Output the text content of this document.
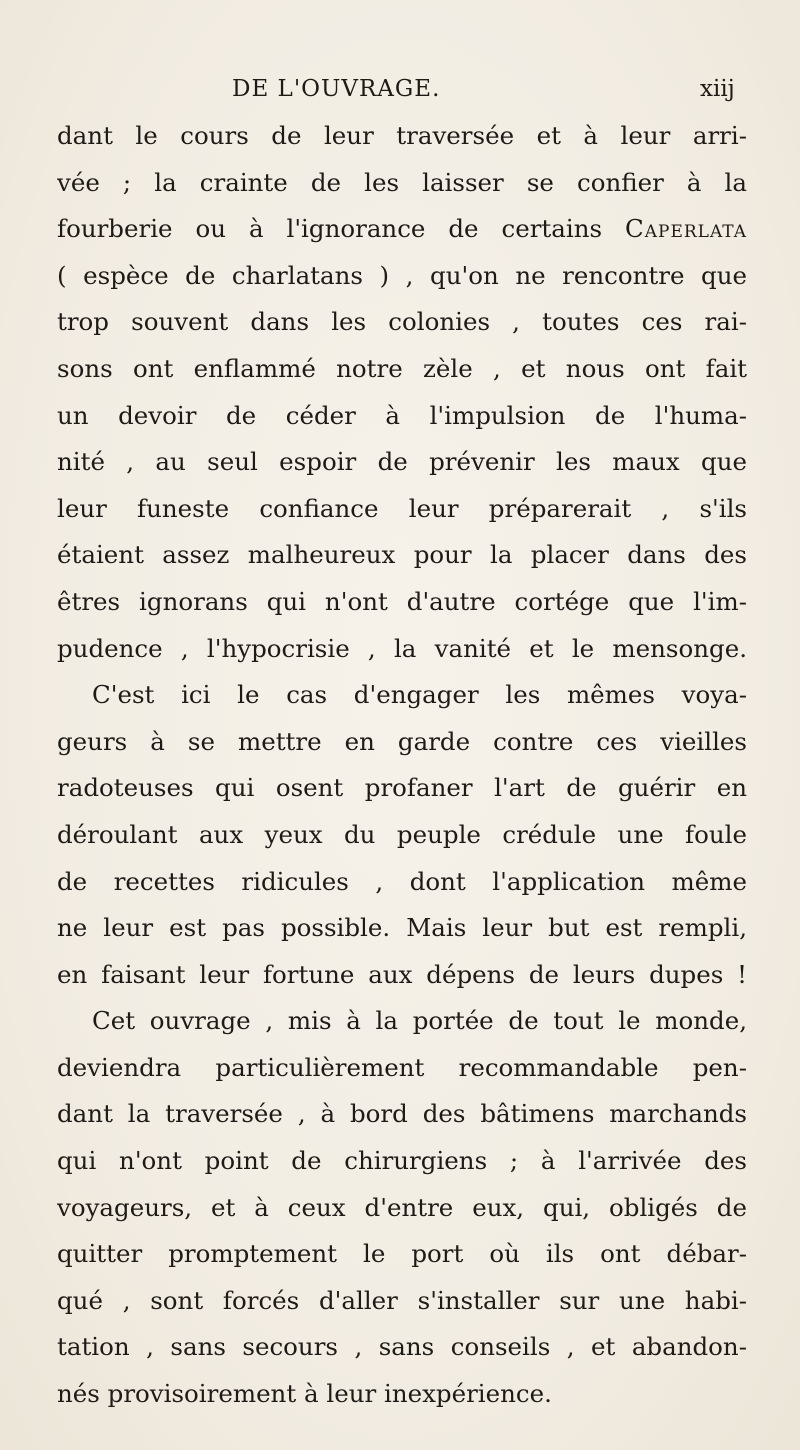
DE L'OUVRAGE.	xiij
dant le cours de leur traversée et à leur arri-
vée ; la crainte de les laisser se confier à la
fourberie ou à l'ignorance de certains Caperlata
( espèce de charlatans ) , qu'on ne rencontre que
trop souvent dans les colonies , toutes ces rai-
sons ont enflammé notre zèle , et nous ont fait
un devoir de céder à l'impulsion de l'huma-
nité , au seul espoir de prévenir les maux que
leur funeste confiance leur préparerait , s'ils
étaient assez malheureux pour la placer dans des
êtres ignorans qui n'ont d'autre cortége que l'im-
pudence , l'hypocrisie , la vanité et le mensonge.
C'est ici le cas d'engager les mêmes voya-
geurs à se mettre en garde contre ces vieilles
radoteuses qui osent profaner l'art de guérir en
déroulant aux yeux du peuple crédule une foule
de recettes ridicules , dont l'application même
ne leur est pas possible. Mais leur but est rempli,
en faisant leur fortune aux dépens de leurs dupes !
Cet ouvrage , mis à la portée de tout le monde,
deviendra particulièrement recommandable pen-
dant la traversée , à bord des bâtimens marchands
qui n'ont point de chirurgiens ; à l'arrivée des
voyageurs, et à ceux d'entre eux, qui, obligés de
quitter promptement le port où ils ont débar-
qué , sont forcés d'aller s'installer sur une habi-
tation , sans secours , sans conseils , et abandon-
nés provisoirement à leur inexpérience.
